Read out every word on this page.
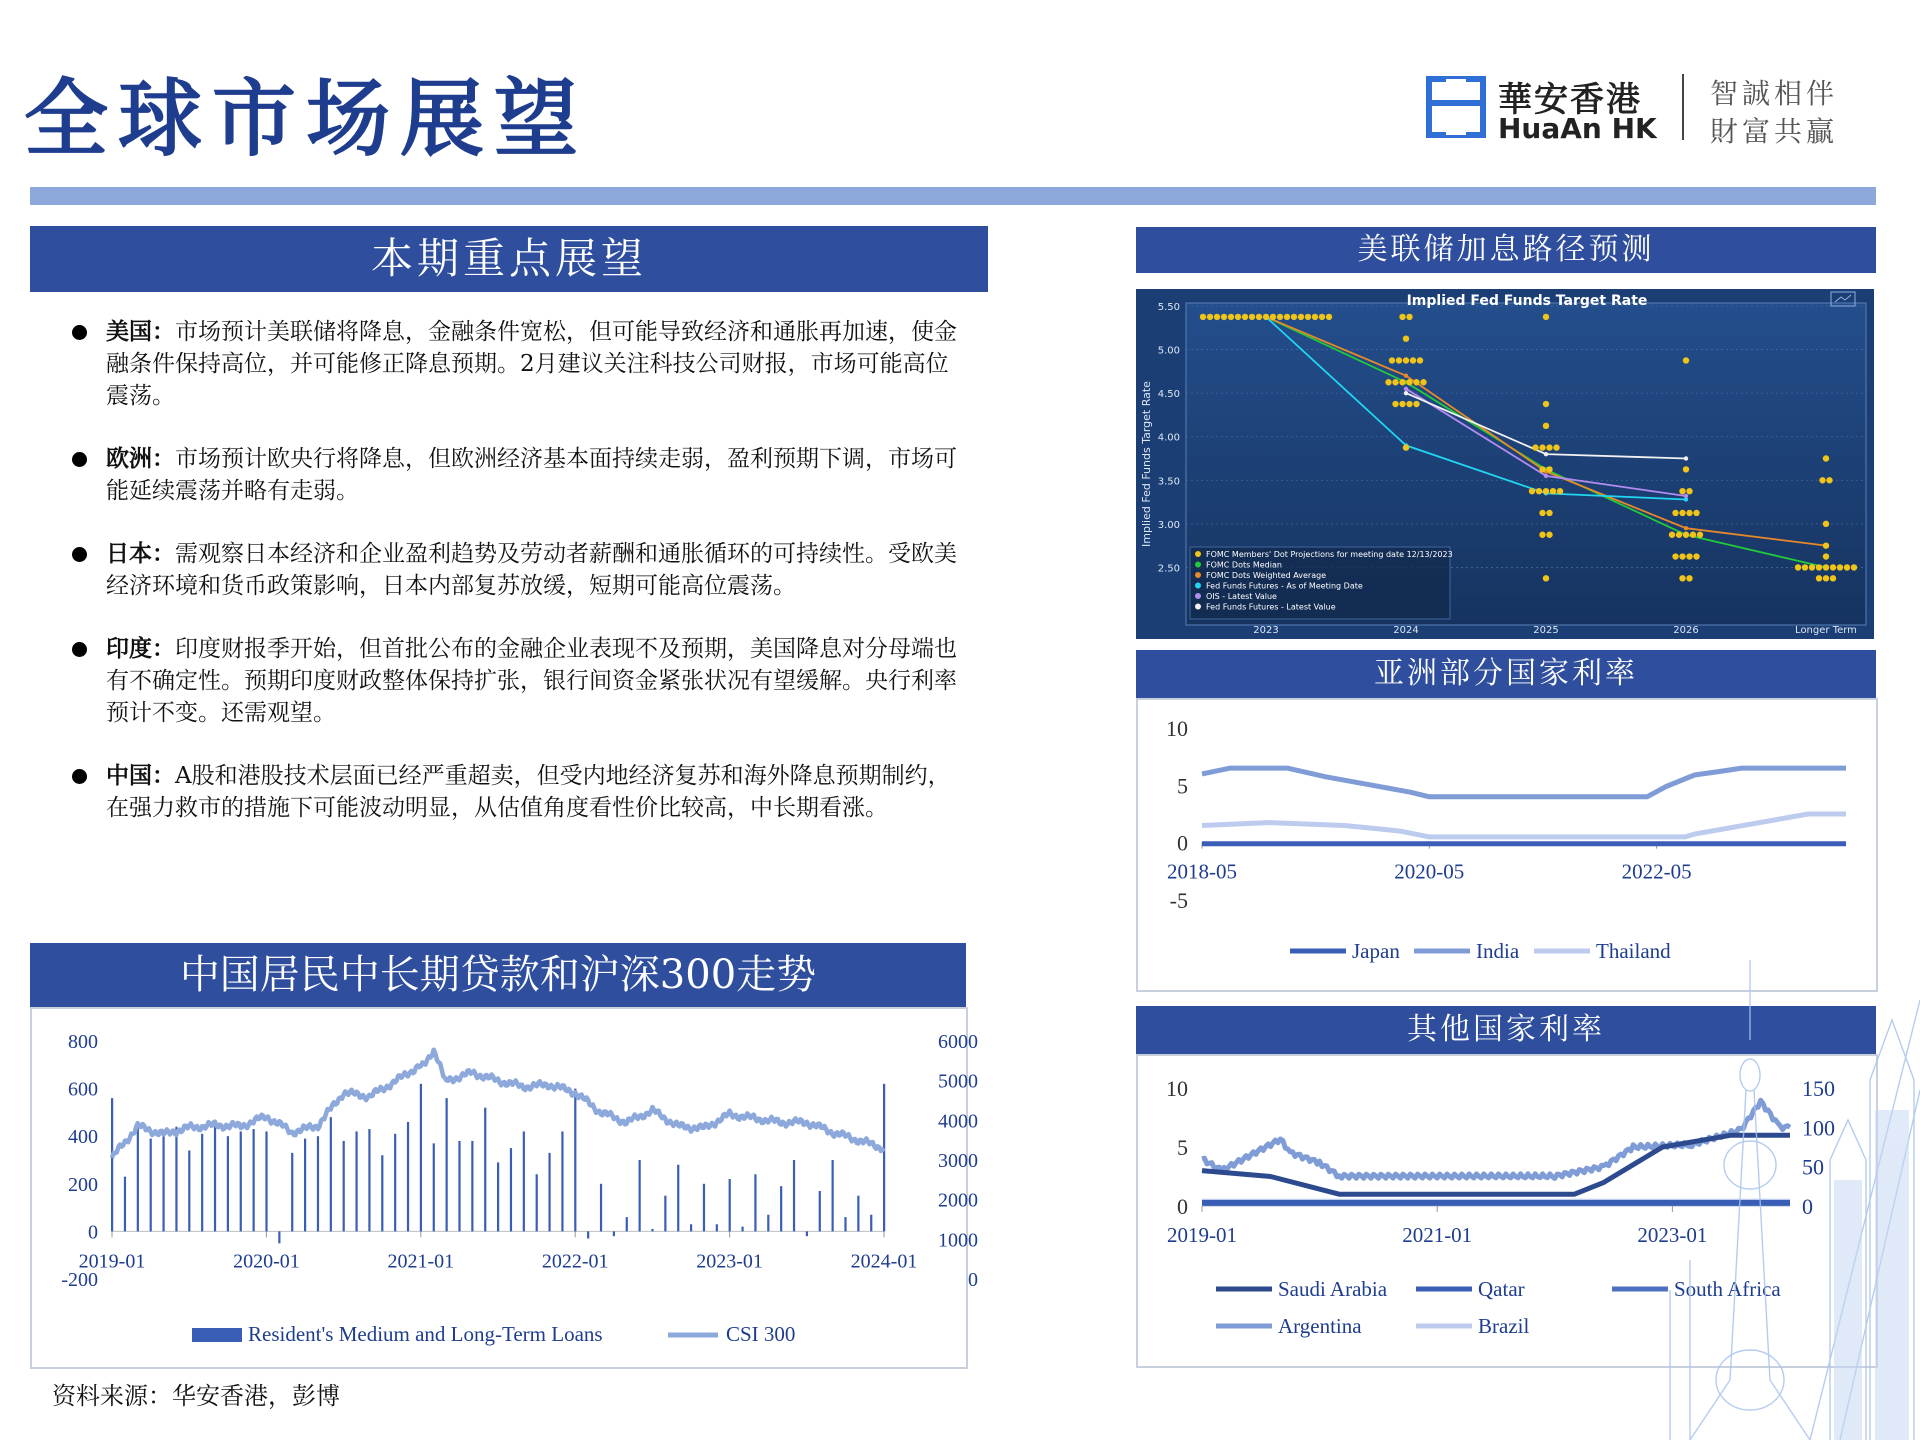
全球市场展望	華安香港
HuaAn HK
智誠相伴
財富共贏
本期重点展望
美国：市场预计美联储将降息，金融条件宽松，但可能导致经济和通胀再加速，使金融条件保持高位，并可能修正降息预期。2月建议关注科技公司财报，市场可能高位震荡。
欧洲：市场预计欧央行将降息，但欧洲经济基本面持续走弱，盈利预期下调，市场可能延续震荡并略有走弱。
日本：需观察日本经济和企业盈利趋势及劳动者薪酬和通胀循环的可持续性。受欧美经济环境和货币政策影响，日本内部复苏放缓，短期可能高位震荡。
印度：印度财报季开始，但首批公布的金融企业表现不及预期，美国降息对分母端也有不确定性。预期印度财政整体保持扩张，银行间资金紧张状况有望缓解。央行利率预计不变。还需观望。
中国：A股和港股技术层面已经严重超卖，但受内地经济复苏和海外降息预期制约，在强力救市的措施下可能波动明显，从估值角度看性价比较高，中长期看涨。
中国居民中长期贷款和沪深300走势
800
600
400
200
0
-200
6000
5000
4000
3000
2000
1000
0
2019-01	2020-01	2021-01	2022-01	2023-01	2024-01
Resident's Medium and Long-Term Loans	CSI 300
资料来源：华安香港，彭博
美联储加息路径预测
5.50
5.00
4.50
4.00
3.50
3.00
2.50
2023	2024	2025	2026	Longer Term
Implied Fed Funds Target Rate
Implied Fed Funds Target Rate
FOMC Members' Dot Projections for meeting date 12/13/2023
FOMC Dots Median
FOMC Dots Weighted Average
Fed Funds Futures - As of Meeting Date
OIS - Latest Value
Fed Funds Futures - Latest Value
亚洲部分国家利率
10
5
0
-5
2018-05	2020-05	2022-05
Japan	India	Thailand
其他国家利率
10
5
0
150
100
50
0
2019-01	2021-01	2023-01
Saudi Arabia	Qatar	South Africa
Argentina	Brazil
